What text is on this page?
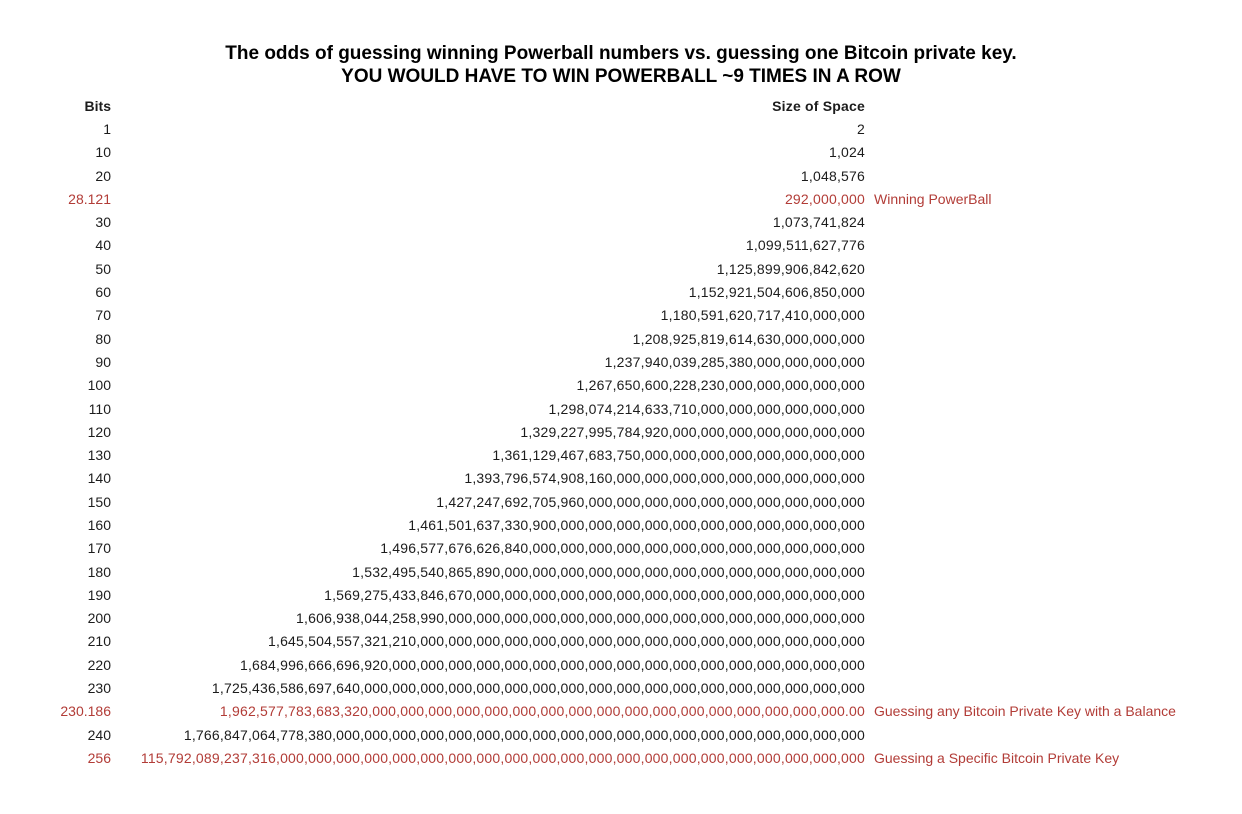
The odds of guessing winning Powerball numbers vs. guessing one Bitcoin private key.
YOU WOULD HAVE TO WIN POWERBALL ~9 TIMES IN A ROW
Bits	Size of Space
1	2
10	1,024
20	1,048,576
28.121	292,000,000 Winning PowerBall
30	1,073,741,824
40	1,099,511,627,776
50	1,125,899,906,842,620
60	1,152,921,504,606,850,000
70	1,180,591,620,717,410,000,000
80	1,208,925,819,614,630,000,000,000
90	1,237,940,039,285,380,000,000,000,000
100	1,267,650,600,228,230,000,000,000,000,000
110	1,298,074,214,633,710,000,000,000,000,000,000
120	1,329,227,995,784,920,000,000,000,000,000,000,000
130	1,361,129,467,683,750,000,000,000,000,000,000,000,000
140	1,393,796,574,908,160,000,000,000,000,000,000,000,000,000
150	1,427,247,692,705,960,000,000,000,000,000,000,000,000,000,000
160	1,461,501,637,330,900,000,000,000,000,000,000,000,000,000,000,000
170	1,496,577,676,626,840,000,000,000,000,000,000,000,000,000,000,000,000
180	1,532,495,540,865,890,000,000,000,000,000,000,000,000,000,000,000,000,000
190	1,569,275,433,846,670,000,000,000,000,000,000,000,000,000,000,000,000,000,000
200	1,606,938,044,258,990,000,000,000,000,000,000,000,000,000,000,000,000,000,000,000
210	1,645,504,557,321,210,000,000,000,000,000,000,000,000,000,000,000,000,000,000,000,000
220	1,684,996,666,696,920,000,000,000,000,000,000,000,000,000,000,000,000,000,000,000,000,000
230	1,725,436,586,697,640,000,000,000,000,000,000,000,000,000,000,000,000,000,000,000,000,000,000
230.186	1,962,577,783,683,320,000,000,000,000,000,000,000,000,000,000,000,000,000,000,000,000,000.00 Guessing any Bitcoin Private Key with a Balance
240	1,766,847,064,778,380,000,000,000,000,000,000,000,000,000,000,000,000,000,000,000,000,000,000,000
256	115,792,089,237,316,000,000,000,000,000,000,000,000,000,000,000,000,000,000,000,000,000,000,000,000,000 Guessing a Specific Bitcoin Private Key
